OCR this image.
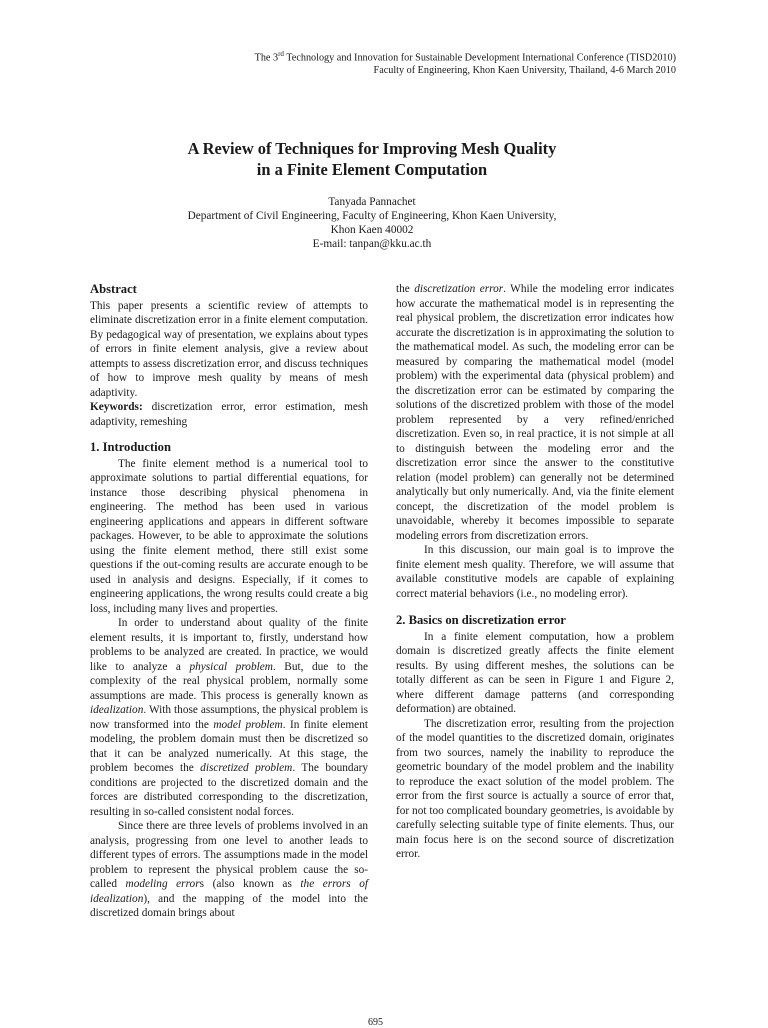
The 3rd Technology and Innovation for Sustainable Development International Conference (TISD2010)
Faculty of Engineering, Khon Kaen University, Thailand, 4-6 March 2010
A Review of Techniques for Improving Mesh Quality
in a Finite Element Computation
Tanyada Pannachet
Department of Civil Engineering, Faculty of Engineering, Khon Kaen University,
Khon Kaen 40002
E-mail: tanpan@kku.ac.th
Abstract

This paper presents a scientific review of attempts to eliminate discretization error in a finite element computation. By pedagogical way of presentation, we explains about types of errors in finite element analysis, give a review about attempts to assess discretization error, and discuss techniques of how to improve mesh quality by means of mesh adaptivity.
Keywords: discretization error, error estimation, mesh adaptivity, remeshing

1. Introduction

The finite element method is a numerical tool to approximate solutions to partial differential equations, for instance those describing physical phenomena in engineering. The method has been used in various engineering applications and appears in different software packages. However, to be able to approximate the solutions using the finite element method, there still exist some questions if the out-coming results are accurate enough to be used in analysis and designs. Especially, if it comes to engineering applications, the wrong results could create a big loss, including many lives and properties.

In order to understand about quality of the finite element results, it is important to, firstly, understand how problems to be analyzed are created. In practice, we would like to analyze a physical problem. But, due to the complexity of the real physical problem, normally some assumptions are made. This process is generally known as idealization. With those assumptions, the physical problem is now transformed into the model problem. In finite element modeling, the problem domain must then be discretized so that it can be analyzed numerically. At this stage, the problem becomes the discretized problem. The boundary conditions are projected to the discretized domain and the forces are distributed corresponding to the discretization, resulting in so-called consistent nodal forces.

Since there are three levels of problems involved in an analysis, progressing from one level to another leads to different types of errors. The assumptions made in the model problem to represent the physical problem cause the so-called modeling errors (also known as the errors of idealization), and the mapping of the model into the discretized domain brings about

the discretization error. While the modeling error indicates how accurate the mathematical model is in representing the real physical problem, the discretization error indicates how accurate the discretization is in approximating the solution to the mathematical model. As such, the modeling error can be measured by comparing the mathematical model (model problem) with the experimental data (physical problem) and the discretization error can be estimated by comparing the solutions of the discretized problem with those of the model problem represented by a very refined/enriched discretization. Even so, in real practice, it is not simple at all to distinguish between the modeling error and the discretization error since the answer to the constitutive relation (model problem) can generally not be determined analytically but only numerically. And, via the finite element concept, the discretization of the model problem is unavoidable, whereby it becomes impossible to separate modeling errors from discretization errors.

In this discussion, our main goal is to improve the finite element mesh quality. Therefore, we will assume that available constitutive models are capable of explaining correct material behaviors (i.e., no modeling error).

2. Basics on discretization error

In a finite element computation, how a problem domain is discretized greatly affects the finite element results. By using different meshes, the solutions can be totally different as can be seen in Figure 1 and Figure 2, where different damage patterns (and corresponding deformation) are obtained.

The discretization error, resulting from the projection of the model quantities to the discretized domain, originates from two sources, namely the inability to reproduce the geometric boundary of the model problem and the inability to reproduce the exact solution of the model problem. The error from the first source is actually a source of error that, for not too complicated boundary geometries, is avoidable by carefully selecting suitable type of finite elements. Thus, our main focus here is on the second source of discretization error.

695
